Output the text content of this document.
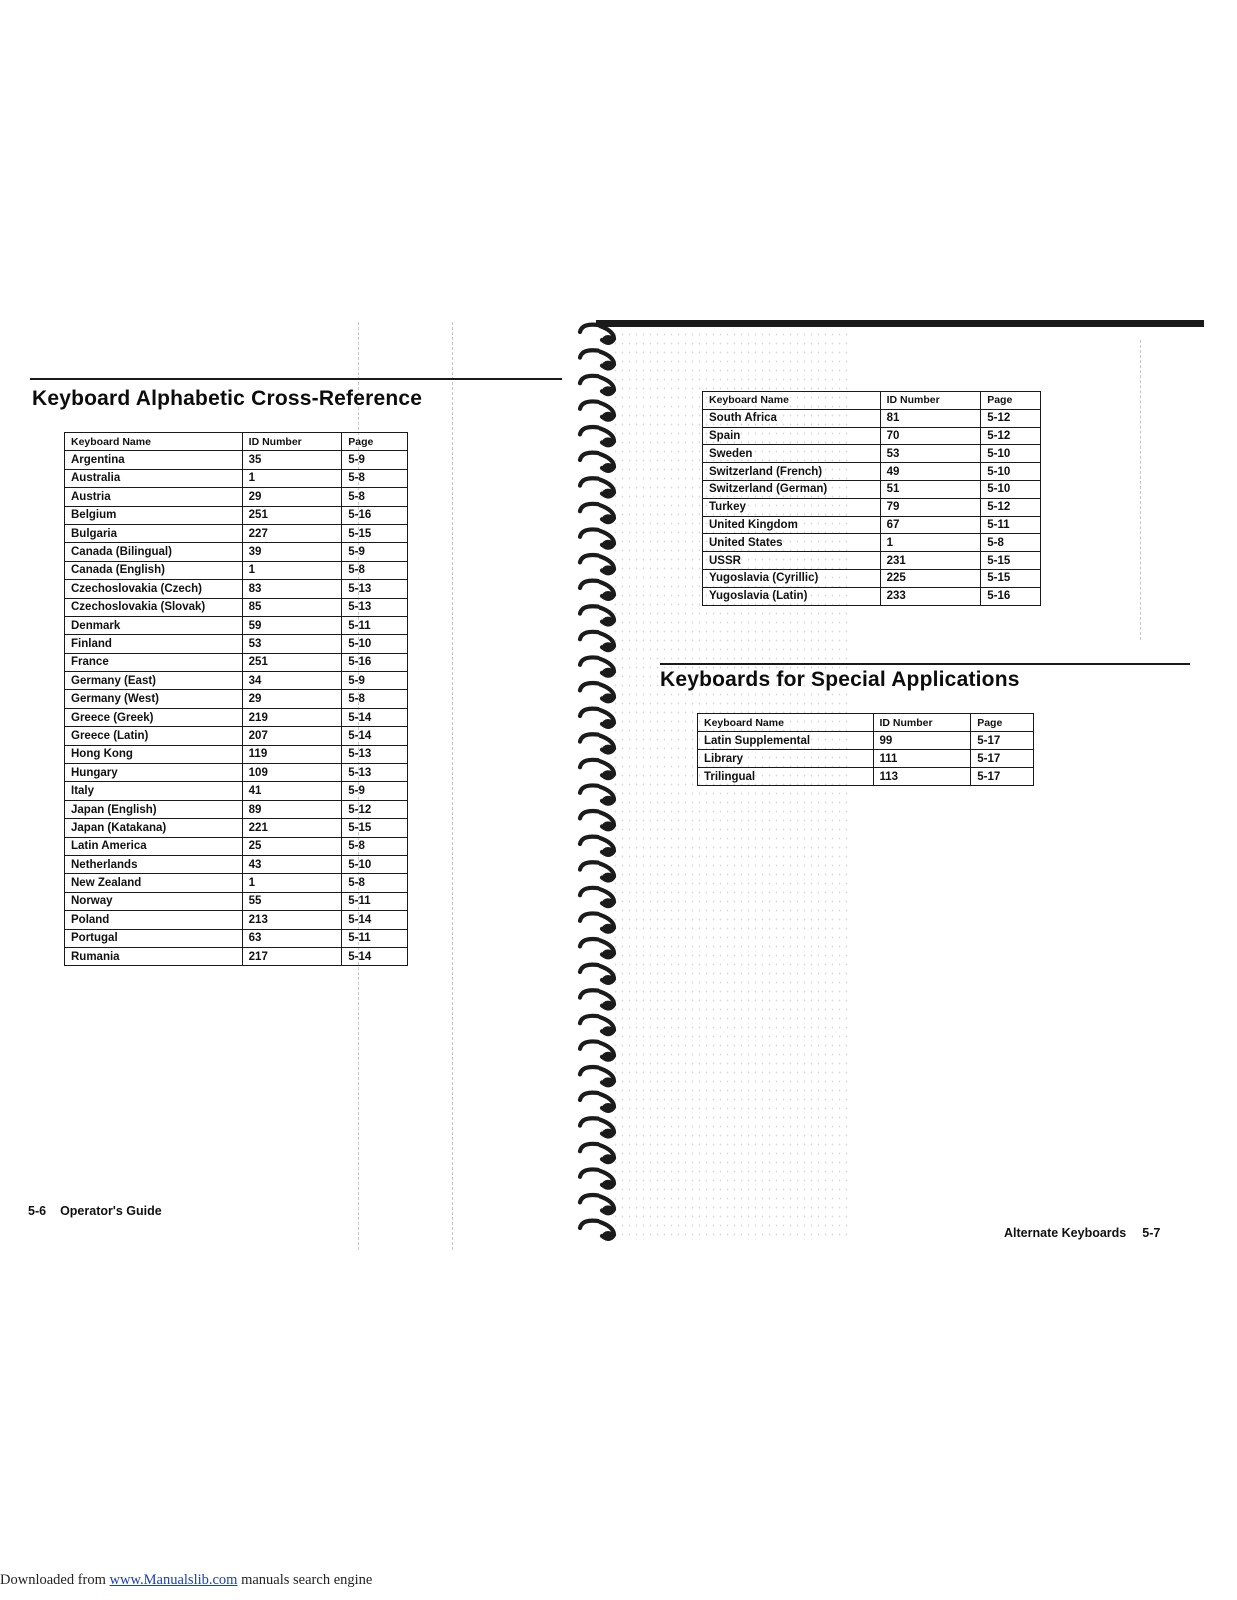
Keyboard Alphabetic Cross-Reference
Keyboard Name	ID Number	Page
Argentina	35	5-9
Australia	1	5-8
Austria	29	5-8
Belgium	251	5-16
Bulgaria	227	5-15
Canada (Bilingual)	39	5-9
Canada (English)	1	5-8
Czechoslovakia (Czech)	83	5-13
Czechoslovakia (Slovak)	85	5-13
Denmark	59	5-11
Finland	53	5-10
France	251	5-16
Germany (East)	34	5-9
Germany (West)	29	5-8
Greece (Greek)	219	5-14
Greece (Latin)	207	5-14
Hong Kong	119	5-13
Hungary	109	5-13
Italy	41	5-9
Japan (English)	89	5-12
Japan (Katakana)	221	5-15
Latin America	25	5-8
Netherlands	43	5-10
New Zealand	1	5-8
Norway	55	5-11
Poland	213	5-14
Portugal	63	5-11
Rumania	217	5-14
5-6 Operator's Guide
Keyboard Name	ID Number	Page
South Africa	81	5-12
Spain	70	5-12
Sweden	53	5-10
Switzerland (French)	49	5-10
Switzerland (German)	51	5-10
Turkey	79	5-12
United Kingdom	67	5-11
United States	1	5-8
USSR	231	5-15
Yugoslavia (Cyrillic)	225	5-15
Yugoslavia (Latin)	233	5-16
Keyboards for Special Applications
Keyboard Name	ID Number	Page
Latin Supplemental	99	5-17
Library	111	5-17
Trilingual	113	5-17
Alternate Keyboards 5-7
Downloaded from www.Manualslib.com manuals search engine
